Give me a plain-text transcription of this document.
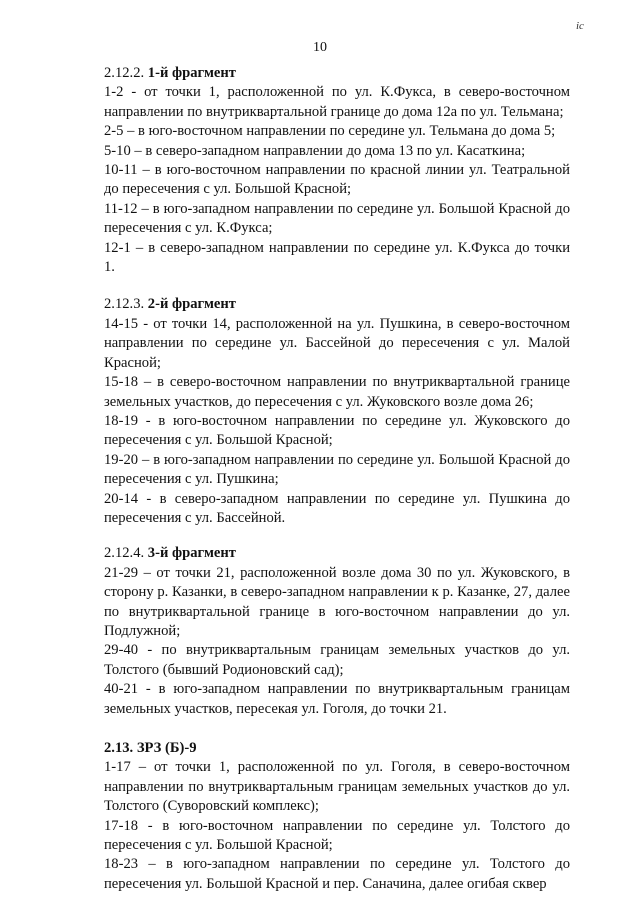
10
ic

2.12.2. 1-й фрагмент

1-2 - от точки 1, расположенной по ул. К.Фукса, в северо-восточном направлении по внутриквартальной границе до дома 12а по ул. Тельмана;

2-5 – в юго-восточном направлении по середине ул. Тельмана до дома 5;

5-10 – в северо-западном направлении до дома 13 по ул. Касаткина;

10-11 – в юго-восточном направлении по красной линии ул. Театральной до пересечения с ул. Большой Красной;

11-12 – в юго-западном направлении по середине ул. Большой Красной до пересечения с ул. К.Фукса;

12-1 – в северо-западном направлении по середине ул. К.Фукса до точки 1.

2.12.3. 2-й фрагмент

14-15 - от точки 14, расположенной на ул. Пушкина, в северо-восточном направлении по середине ул. Бассейной до пересечения с ул. Малой Красной;

15-18 – в северо-восточном направлении по внутриквартальной границе земельных участков, до пересечения с ул. Жуковского возле дома 26;

18-19 - в юго-восточном направлении по середине ул. Жуковского до пересечения с ул. Большой Красной;

19-20 – в юго-западном направлении по середине ул. Большой Красной до пересечения с ул. Пушкина;

20-14 - в северо-западном направлении по середине ул. Пушкина до пересечения с ул. Бассейной.

2.12.4. 3-й фрагмент

21-29 – от точки 21, расположенной возле дома 30 по ул. Жуковского, в сторону р. Казанки, в северо-западном направлении к р. Казанке, 27, далее по внутриквартальной границе в юго-восточном направлении до ул. Подлужной;

29-40 - по внутриквартальным границам земельных участков до ул. Толстого (бывший Родионовский сад);

40-21 - в юго-западном направлении по внутриквартальным границам земельных участков, пересекая ул. Гоголя, до точки 21.

2.13. ЗРЗ (Б)-9

1-17 – от точки 1, расположенной по ул. Гоголя, в северо-восточном направлении по внутриквартальным границам земельных участков до ул. Толстого (Суворовский комплекс);

17-18 - в юго-восточном направлении по середине ул. Толстого до пересечения с ул. Большой Красной;

18-23 – в юго-западном направлении по середине ул. Толстого до пересечения ул. Большой Красной и пер. Саначина, далее огибая сквер
